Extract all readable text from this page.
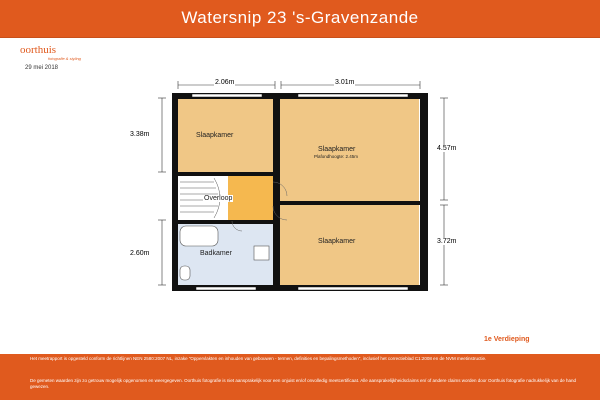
Watersnip 23 's-Gravenzande
oorthuis
fotografie & styling
29 mei 2018
2.06m	3.01m
3.38m
2.60m
4.57m
3.72m
Slaapkamer
Slaapkamer
Plafondhoogte: 2.45m
Overloop
Badkamer
Slaapkamer
1e Verdieping

Het meetrapport is opgesteld conform de richtlijnen NEN 2580:2007 NL, inzake "Oppervlakten en inhouden van gebouwen - termen, definities en bepalingsmethoden", inclusief het correctieblad C1:2008 en de NVM meetinstructie.

De gemeten waarden zijn zo getrouw mogelijk opgenomen en weergegeven. Oorthuis fotografie is niet aansprakelijk voor een onjuist en/of onvolledig meetcertificaat. Alle aansprakelijkheidsclaims en/ of andere claims worden door Oorthuis fotografie nadrukkelijk van de hand gewezen.
